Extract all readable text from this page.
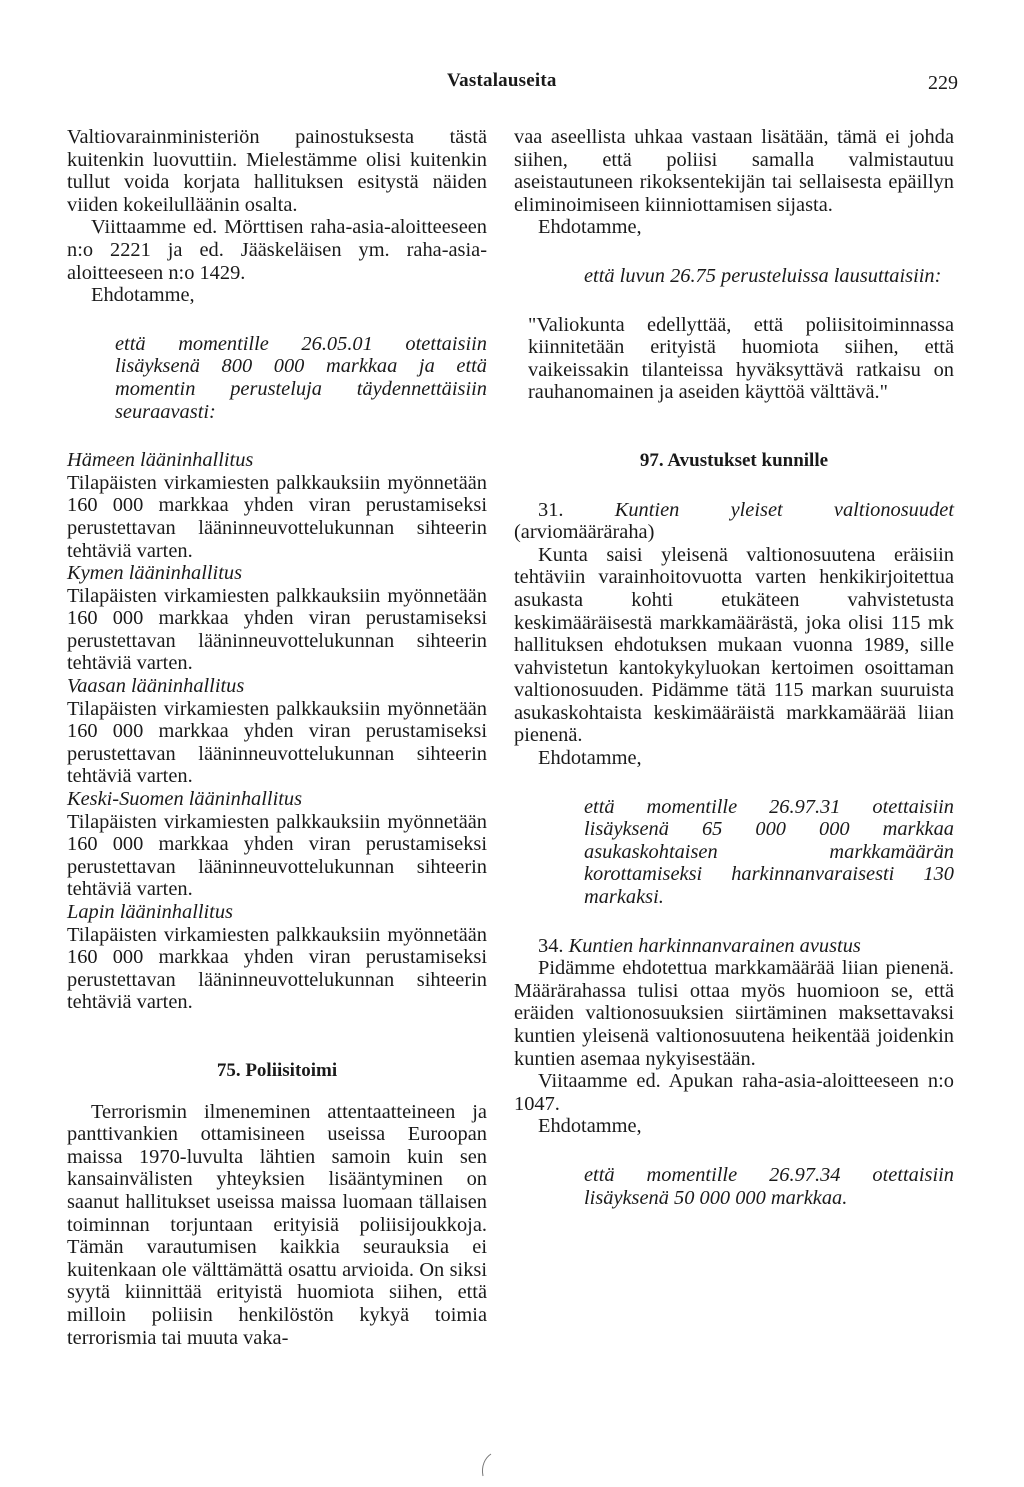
Vastalauseita	229

Valtiovarainministeriön painostuksesta tästä kuitenkin luovuttiin. Mielestämme olisi kuitenkin tullut voida korjata hallituksen esitystä näiden viiden kokeilulläänin osalta.

Viittaamme ed. Mörttisen raha-asia-aloitteeseen n:o 2221 ja ed. Jääskeläisen ym. raha-asia-aloitteeseen n:o 1429.

Ehdotamme,

että momentille 26.05.01 otettaisiin lisäyksenä 800 000 markkaa ja että momentin perusteluja täydennettäisiin seuraavasti:

Hämeen lääninhallitus

Tilapäisten virkamiesten palkkauksiin myönnetään 160 000 markkaa yhden viran perustamiseksi perustettavan lääninneuvottelukunnan sihteerin tehtäviä varten.

Kymen lääninhallitus

Tilapäisten virkamiesten palkkauksiin myönnetään 160 000 markkaa yhden viran perustamiseksi perustettavan lääninneuvottelukunnan sihteerin tehtäviä varten.

Vaasan lääninhallitus

Tilapäisten virkamiesten palkkauksiin myönnetään 160 000 markkaa yhden viran perustamiseksi perustettavan lääninneuvottelukunnan sihteerin tehtäviä varten.

Keski-Suomen lääninhallitus

Tilapäisten virkamiesten palkkauksiin myönnetään 160 000 markkaa yhden viran perustamiseksi perustettavan lääninneuvottelukunnan sihteerin tehtäviä varten.

Lapin lääninhallitus

Tilapäisten virkamiesten palkkauksiin myönnetään 160 000 markkaa yhden viran perustamiseksi perustettavan lääninneuvottelukunnan sihteerin tehtäviä varten.

75. Poliisitoimi

Terrorismin ilmeneminen attentaatteineen ja panttivankien ottamisineen useissa Euroopan maissa 1970-luvulta lähtien samoin kuin sen kansainvälisten yhteyksien lisääntyminen on saanut hallitukset useissa maissa luomaan tällaisen toiminnan torjuntaan erityisiä poliisijoukkoja. Tämän varautumisen kaikkia seurauksia ei kuitenkaan ole välttämättä osattu arvioida. On siksi syytä kiinnittää erityistä huomiota siihen, että milloin poliisin henkilöstön kykyä toimia terrorismia tai muuta vaka-

vaa aseellista uhkaa vastaan lisätään, tämä ei johda siihen, että poliisi samalla valmistautuu aseistautuneen rikoksentekijän tai sellaisesta epäillyn eliminoimiseen kiinniottamisen sijasta.

Ehdotamme,

että luvun 26.75 perusteluissa lausuttaisiin:

"Valiokunta edellyttää, että poliisitoiminnassa kiinnitetään erityistä huomiota siihen, että vaikeissakin tilanteissa hyväksyttävä ratkaisu on rauhanomainen ja aseiden käyttöä välttävä."

97. Avustukset kunnille

31.	Kuntien yleiset valtionosuudet (arviomääräraha)

Kunta saisi yleisenä valtionosuutena eräisiin tehtäviin varainhoitovuotta varten henkikirjoitettua asukasta kohti etukäteen vahvistetusta keskimääräisestä markkamäärästä, joka olisi 115 mk hallituksen ehdotuksen mukaan vuonna 1989, sille vahvistetun kantokykyluokan kertoimen osoittaman valtionosuuden. Pidämme tätä 115 markan suuruista asukaskohtaista keskimääräistä markkamäärää liian pienenä.

Ehdotamme,

että momentille 26.97.31 otettaisiin lisäyksenä 65 000 000 markkaa asukaskohtaisen markkamäärän korottamiseksi harkinnanvaraisesti 130 markaksi.

34. Kuntien harkinnanvarainen avustus

Pidämme ehdotettua markkamäärää liian pienenä. Määrärahassa tulisi ottaa myös huomioon se, että eräiden valtionosuuksien siirtäminen maksettavaksi kuntien yleisenä valtionosuutena heikentää joidenkin kuntien asemaa nykyisestään.

Viitaamme ed. Apukan raha-asia-aloitteeseen n:o 1047.

Ehdotamme,

että momentille 26.97.34 otettaisiin lisäyksenä 50 000 000 markkaa.
